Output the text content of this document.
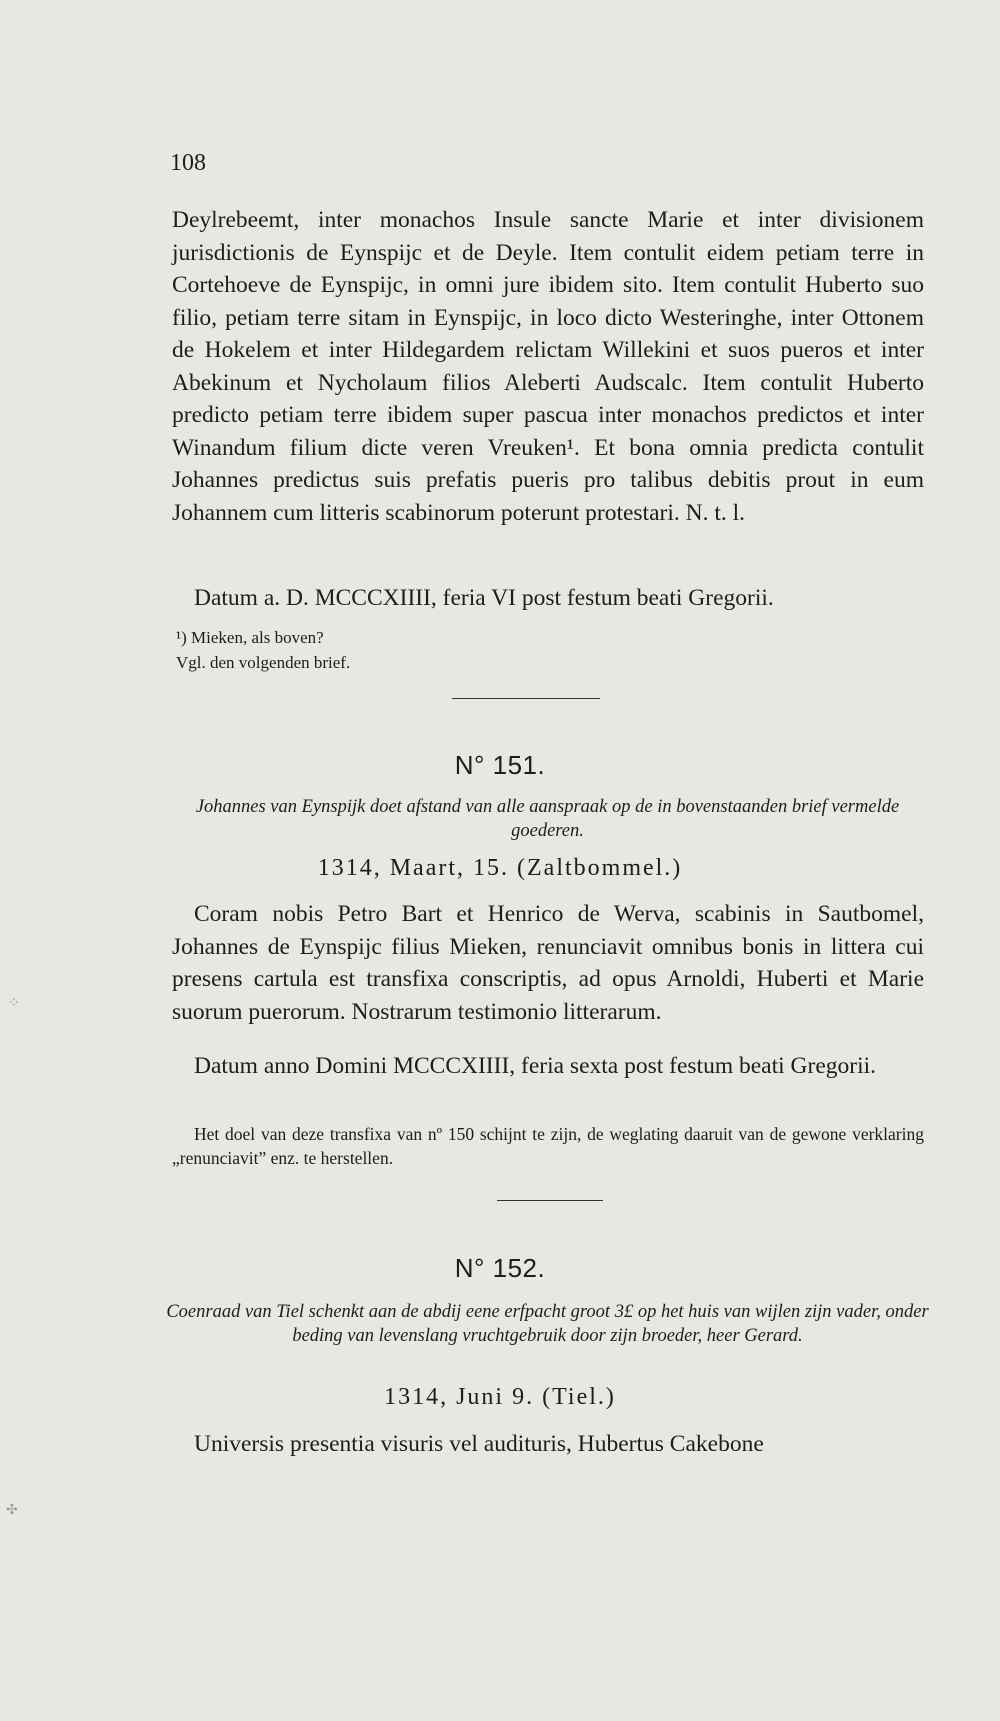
108
Deylrebeemt, inter monachos Insule sancte Marie et inter divisionem jurisdictionis de Eynspijc et de Deyle. Item contulit eidem petiam terre in Cortehoeve de Eynspijc, in omni jure ibidem sito. Item contulit Huberto suo filio, petiam terre sitam in Eynspijc, in loco dicto Westeringhe, inter Ottonem de Hokelem et inter Hildegardem relictam Willekini et suos pueros et inter Abekinum et Nycholaum filios Aleberti Audscalc. Item contulit Huberto predicto petiam terre ibidem super pascua inter monachos predictos et inter Winandum filium dicte veren Vreuken¹. Et bona omnia predicta contulit Johannes predictus suis prefatis pueris pro talibus debitis prout in eum Johannem cum litteris scabinorum poterunt protestari. N. t. l.
Datum a. D. MCCCXIIII, feria VI post festum beati Gregorii.
¹) Mieken, als boven?
Vgl. den volgenden brief.
N° 151.
Johannes van Eynspijk doet afstand van alle aanspraak op de in bovenstaanden brief vermelde goederen.
1314, Maart, 15. (Zaltbommel.)
Coram nobis Petro Bart et Henrico de Werva, scabinis in Sautbomel, Johannes de Eynspijc filius Mieken, renunciavit omnibus bonis in littera cui presens cartula est transfixa conscriptis, ad opus Arnoldi, Huberti et Marie suorum puerorum. Nostrarum testimonio litterarum.
Datum anno Domini MCCCXIIII, feria sexta post festum beati Gregorii.
Het doel van deze transfixa van nº 150 schijnt te zijn, de weglating daaruit van de gewone verklaring „renunciavit” enz. te herstellen.
N° 152.
Coenraad van Tiel schenkt aan de abdij eene erfpacht groot 3£ op het huis van wijlen zijn vader, onder beding van levenslang vruchtgebruik door zijn broeder, heer Gerard.
1314, Juni 9. (Tiel.)
Universis presentia visuris vel audituris, Hubertus Cakebone
⁘
✣
